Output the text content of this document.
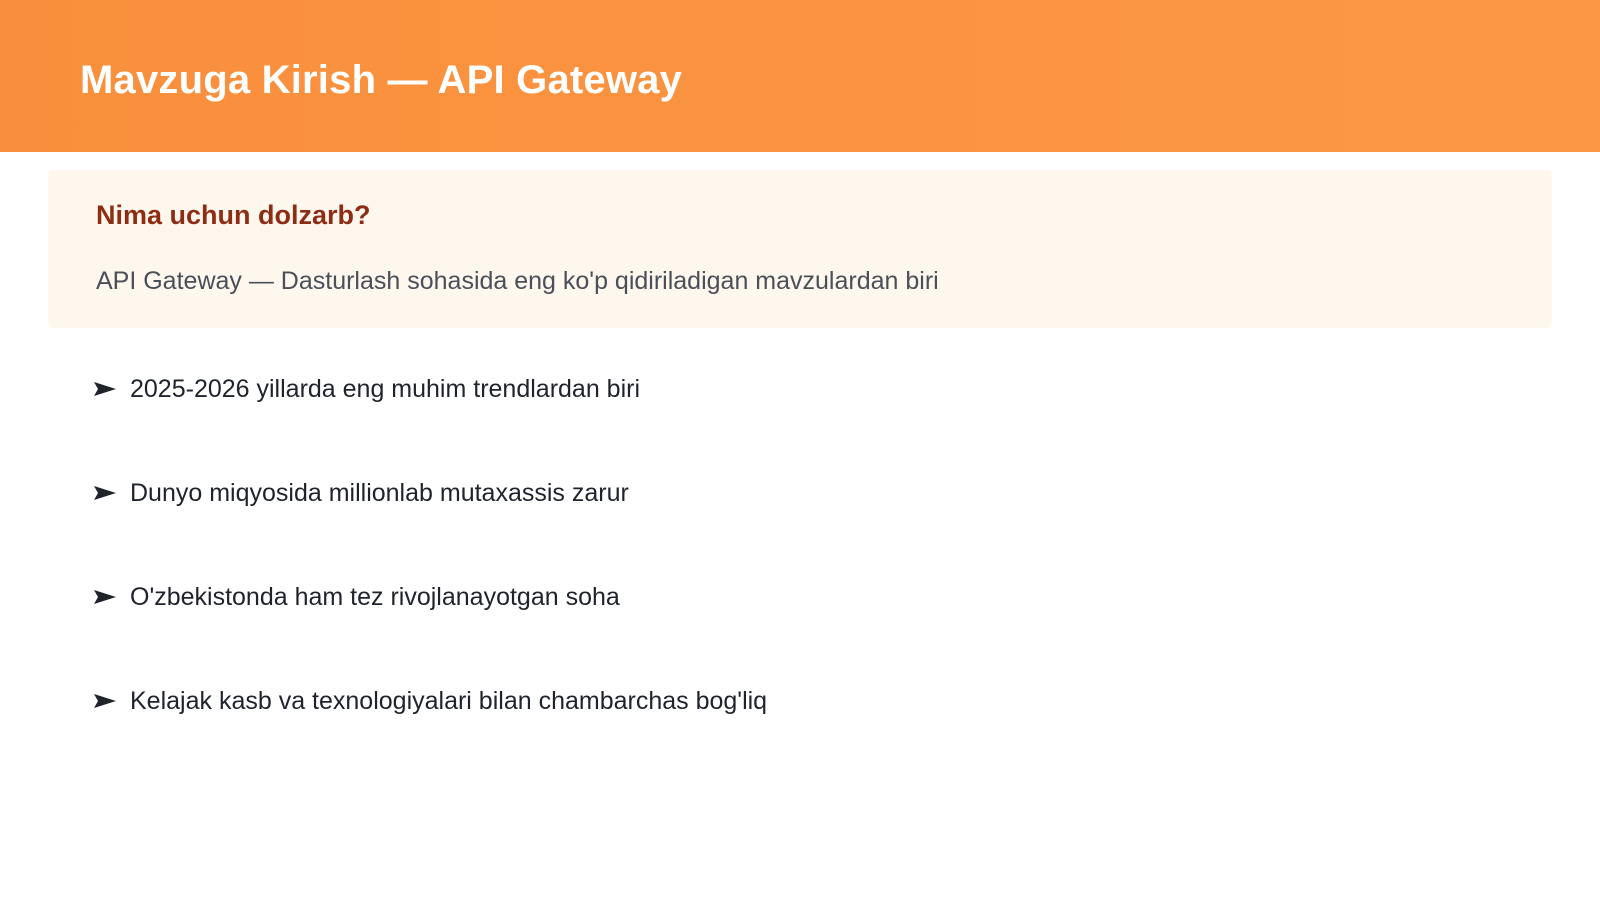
Mavzuga Kirish — API Gateway
Nima uchun dolzarb?
API Gateway — Dasturlash sohasida eng ko'p qidiriladigan mavzulardan biri
2025-2026 yillarda eng muhim trendlardan biri
Dunyo miqyosida millionlab mutaxassis zarur
O'zbekistonda ham tez rivojlanayotgan soha
Kelajak kasb va texnologiyalari bilan chambarchas bog'liq
